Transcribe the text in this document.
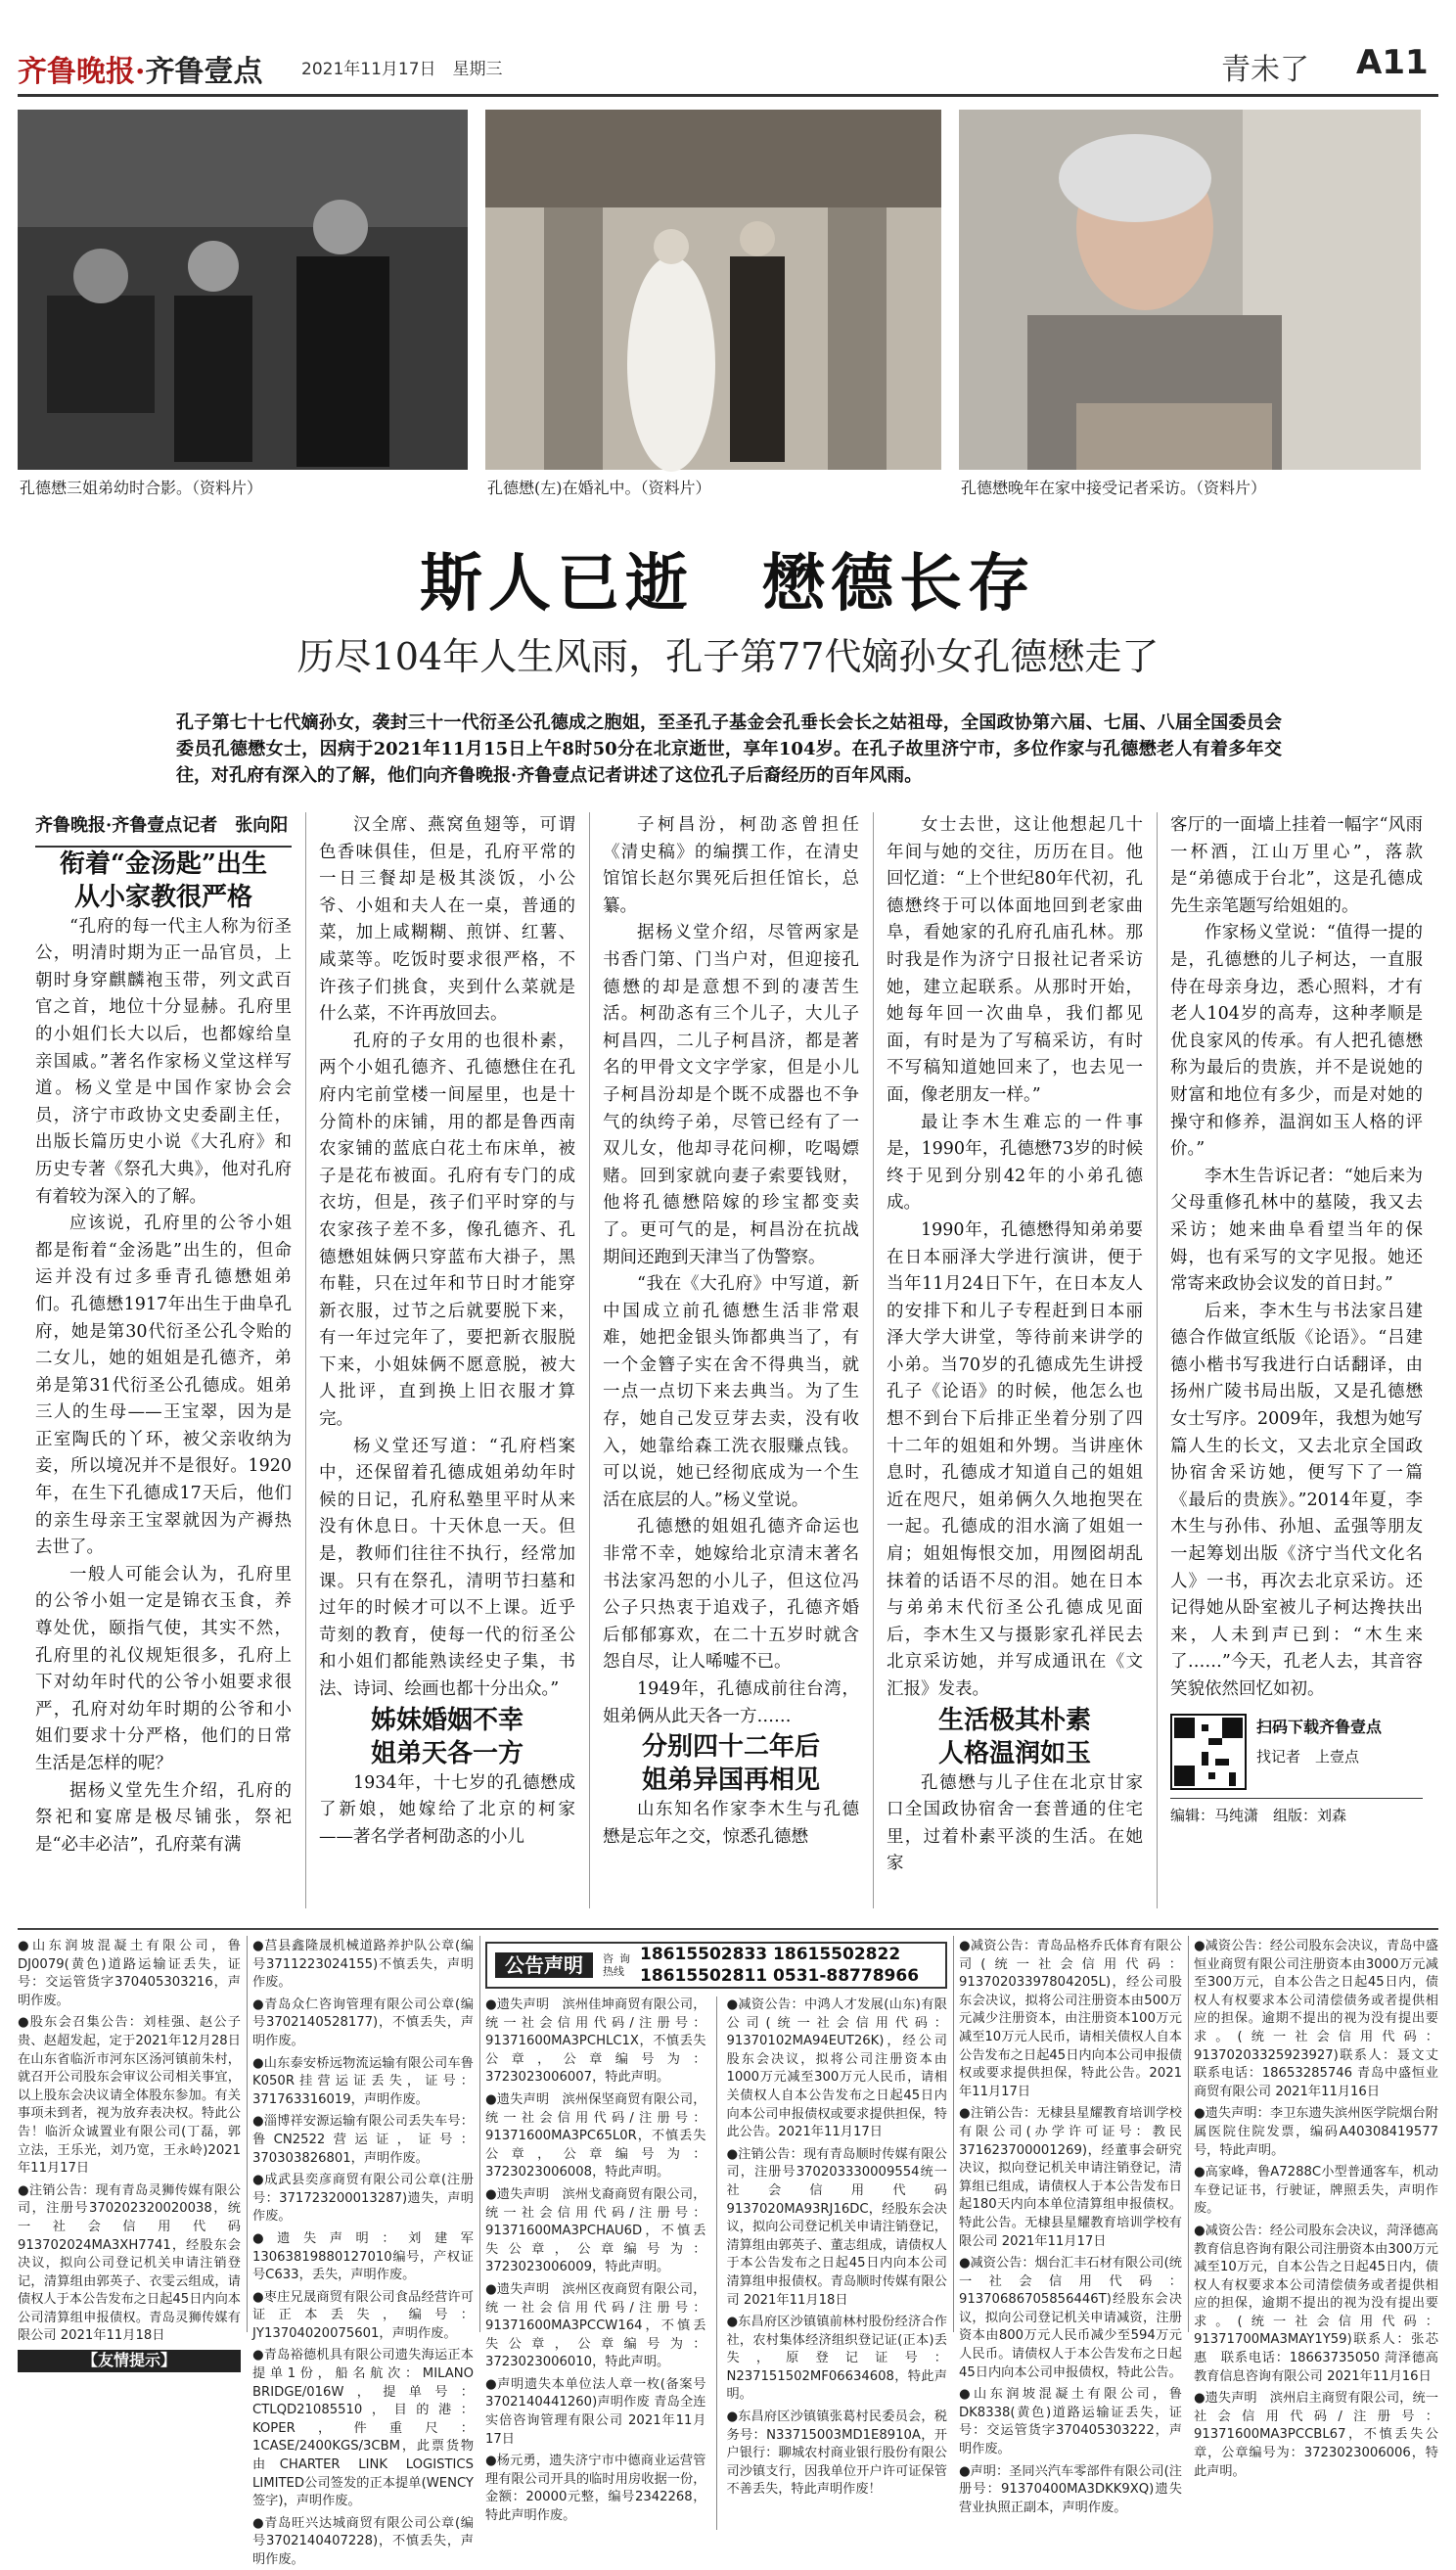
齐鲁晚报·齐鲁壹点 2021年11月17日　星期三	青未了 A11
孔德懋三姐弟幼时合影。（资料片）	孔德懋(左)在婚礼中。（资料片）	孔德懋晚年在家中接受记者采访。（资料片）
斯人已逝　懋德长存
历尽104年人生风雨，孔子第77代嫡孙女孔德懋走了
孔子第七十七代嫡孙女，袭封三十一代衍圣公孔德成之胞姐，至圣孔子基金会孔垂长会长之姑祖母，全国政协第六届、七届、八届全国委员会委员孔德懋女士，因病于2021年11月15日上午8时50分在北京逝世，享年104岁。在孔子故里济宁市，多位作家与孔德懋老人有着多年交往，对孔府有深入的了解，他们向齐鲁晚报·齐鲁壹点记者讲述了这位孔子后裔经历的百年风雨。

齐鲁晚报·齐鲁壹点记者　张向阳

衔着“金汤匙”出生
从小家教很严格

“孔府的每一代主人称为衍圣公，明清时期为正一品官员，上朝时身穿麒麟袍玉带，列文武百官之首，地位十分显赫。孔府里的小姐们长大以后，也都嫁给皇亲国戚。”著名作家杨义堂这样写道。杨义堂是中国作家协会会员，济宁市政协文史委副主任，出版长篇历史小说《大孔府》和历史专著《祭孔大典》，他对孔府有着较为深入的了解。

应该说，孔府里的公爷小姐都是衔着“金汤匙”出生的，但命运并没有过多垂青孔德懋姐弟们。孔德懋1917年出生于曲阜孔府，她是第30代衍圣公孔令贻的二女儿，她的姐姐是孔德齐，弟弟是第31代衍圣公孔德成。姐弟三人的生母——王宝翠，因为是正室陶氏的丫环，被父亲收纳为妾，所以境况并不是很好。1920年，在生下孔德成17天后，他们的亲生母亲王宝翠就因为产褥热去世了。

一般人可能会认为，孔府里的公爷小姐一定是锦衣玉食，养尊处优，颐指气使，其实不然，孔府里的礼仪规矩很多，孔府上下对幼年时代的公爷小姐要求很严，孔府对幼年时期的公爷和小姐们要求十分严格，他们的日常生活是怎样的呢？

据杨义堂先生介绍，孔府的祭祀和宴席是极尽铺张，祭祀是“必丰必洁”，孔府菜有满

汉全席、燕窝鱼翅等，可谓色香味俱佳，但是，孔府平常的一日三餐却是极其淡饭，小公爷、小姐和夫人在一桌，普通的菜，加上咸糊糊、煎饼、红薯、咸菜等。吃饭时要求很严格，不许孩子们挑食，夹到什么菜就是什么菜，不许再放回去。

孔府的子女用的也很朴素，两个小姐孔德齐、孔德懋住在孔府内宅前堂楼一间屋里，也是十分简朴的床铺，用的都是鲁西南农家铺的蓝底白花土布床单，被子是花布被面。孔府有专门的成衣坊，但是，孩子们平时穿的与农家孩子差不多，像孔德齐、孔德懋姐妹俩只穿蓝布大褂子，黑布鞋，只在过年和节日时才能穿新衣服，过节之后就要脱下来，有一年过完年了，要把新衣服脱下来，小姐妹俩不愿意脱，被大人批评，直到换上旧衣服才算完。

杨义堂还写道：“孔府档案中，还保留着孔德成姐弟幼年时候的日记，孔府私塾里平时从来没有休息日。十天休息一天。但是，教师们往往不执行，经常加课。只有在祭孔，清明节扫墓和过年的时候才可以不上课。近乎苛刻的教育，使每一代的衍圣公和小姐们都能熟读经史子集，书法、诗词、绘画也都十分出众。”

姊妹婚姻不幸
姐弟天各一方

1934年，十七岁的孔德懋成了新娘，她嫁给了北京的柯家——著名学者柯劭忞的小儿

子柯昌汾，柯劭忞曾担任《清史稿》的编撰工作，在清史馆馆长赵尔巽死后担任馆长，总纂。

据杨义堂介绍，尽管两家是书香门第、门当户对，但迎接孔德懋的却是意想不到的凄苦生活。柯劭忞有三个儿子，大儿子柯昌四，二儿子柯昌济，都是著名的甲骨文文字学家，但是小儿子柯昌汾却是个既不成器也不争气的纨绔子弟，尽管已经有了一双儿女，他却寻花问柳，吃喝嫖赌。回到家就向妻子索要钱财，他将孔德懋陪嫁的珍宝都变卖了。更可气的是，柯昌汾在抗战期间还跑到天津当了伪警察。

“我在《大孔府》中写道，新中国成立前孔德懋生活非常艰难，她把金银头饰都典当了，有一个金簪子实在舍不得典当，就一点一点切下来去典当。为了生存，她自己发豆芽去卖，没有收入，她靠给森工洗衣服赚点钱。可以说，她已经彻底成为一个生活在底层的人。”杨义堂说。

孔德懋的姐姐孔德齐命运也非常不幸，她嫁给北京清末著名书法家冯恕的小儿子，但这位冯公子只热衷于追戏子，孔德齐婚后郁郁寡欢，在二十五岁时就含怨自尽，让人唏嘘不已。

1949年，孔德成前往台湾，姐弟俩从此天各一方……

分别四十二年后
姐弟异国再相见

山东知名作家李木生与孔德懋是忘年之交，惊悉孔德懋

女士去世，这让他想起几十年间与她的交往，历历在目。他回忆道：“上个世纪80年代初，孔德懋终于可以体面地回到老家曲阜，看她家的孔府孔庙孔林。那时我是作为济宁日报社记者采访她，建立起联系。从那时开始，她每年回一次曲阜，我们都见面，有时是为了写稿采访，有时不写稿知道她回来了，也去见一面，像老朋友一样。”

最让李木生难忘的一件事是，1990年，孔德懋73岁的时候终于见到分别42年的小弟孔德成。

1990年，孔德懋得知弟弟要在日本丽泽大学进行演讲，便于当年11月24日下午，在日本友人的安排下和儿子专程赶到日本丽泽大学大讲堂，等待前来讲学的小弟。当70岁的孔德成先生讲授孔子《论语》的时候，他怎么也想不到台下后排正坐着分别了四十二年的姐姐和外甥。当讲座休息时，孔德成才知道自己的姐姐近在咫尺，姐弟俩久久地抱哭在一起。孔德成的泪水滴了姐姐一肩；姐姐悔恨交加，用囫囵胡乱抹着的话语不尽的泪。她在日本与弟弟末代衍圣公孔德成见面后，李木生又与摄影家孔祥民去北京采访她，并写成通讯在《文汇报》发表。

生活极其朴素
人格温润如玉

孔德懋与儿子住在北京甘家口全国政协宿舍一套普通的住宅里，过着朴素平淡的生活。在她家

客厅的一面墙上挂着一幅字“风雨一杯酒，江山万里心”，落款是“弟德成于台北”，这是孔德成先生亲笔题写给姐姐的。

作家杨义堂说：“值得一提的是，孔德懋的儿子柯达，一直服侍在母亲身边，悉心照料，才有老人104岁的高寿，这种孝顺是优良家风的传承。有人把孔德懋称为最后的贵族，并不是说她的财富和地位有多少，而是对她的操守和修养，温润如玉人格的评价。”

李木生告诉记者：“她后来为父母重修孔林中的墓陵，我又去采访；她来曲阜看望当年的保姆，也有采写的文字见报。她还常寄来政协会议发的首日封。”

后来，李木生与书法家吕建德合作做宣纸版《论语》。“吕建德小楷书写我进行白话翻译，由扬州广陵书局出版，又是孔德懋女士写序。2009年，我想为她写篇人生的长文，又去北京全国政协宿舍采访她，便写下了一篇《最后的贵族》。”2014年夏，李木生与孙伟、孙旭、孟强等朋友一起筹划出版《济宁当代文化名人》一书，再次去北京采访。还记得她从卧室被儿子柯达搀扶出来，人未到声已到：“木生来了……”今天，孔老人去，其音容笑貌依然回忆如初。

扫码下载齐鲁壹点
找记者　上壹点
编辑：马纯潇　组版：刘森

●山东润坡混凝土有限公司，鲁DJ0079(黄色)道路运输证丢失，证号：交运管货字370405303216，声明作废。

●股东会召集公告：刘桂强、赵公子贵、赵超发起，定于2021年12月28日在山东省临沂市河东区汤河镇前朱村，就召开公司股东会审议公司相关事宜，以上股东会决议请全体股东参加。有关事项未到者，视为放弃表决权。特此公告！临沂众诚置业有限公司(丁磊，郭立法，王乐光，刘乃宽，王永岭)2021年11月17日

●注销公告：现有青岛灵狮传媒有限公司，注册号370202320020038，统一社会信用代码913702024MA3XH7741，经股东会决议，拟向公司登记机关申请注销登记，清算组由郭英子、衣雯云组成，请债权人于本公告发布之日起45日内向本公司清算组申报债权。青岛灵狮传媒有限公司 2021年11月18日

【友情提示】

●莒县鑫隆晟机械道路养护队公章(编号3711223024155)不慎丢失，声明作废。

●青岛众仁咨询管理有限公司公章(编号3702140528177)，不慎丢失，声明作废。

●山东泰安桥远物流运输有限公司车鲁K050R挂营运证丢失，证号：371763316019，声明作废。

●淄博祥安源运输有限公司丢失车号：鲁CN2522营运证，证号：370303826801，声明作废。

●成武县奕彦商贸有限公司公章(注册号：371723200013287)遗失，声明作废。

●遗失声明：刘建军13063819880127010编号，产权证号C633，丢失，声明作废。

●枣庄兄晟商贸有限公司食品经营许可证正本丢失，编号：JY13704020075601，声明作废。

●青岛裕德机具有限公司遗失海运正本提单1份，船名航次：MILANO BRIDGE/016W，提单号：CTLQD21085510，目的港：KOPER，件重尺：1CASE/2400KGS/3CBM，此票货物由CHARTER LINK LOGISTICS LIMITED公司签发的正本提单(WENCY签字)，声明作废。

●青岛旺兴达城商贸有限公司公章(编号3702140407228)，不慎丢失，声明作废。

公告声明	咨询热线
18615502833 18615502822
18615502811 0531-88778966

●遗失声明　滨州佳坤商贸有限公司，统一社会信用代码/注册号：91371600MA3PCHLC1X，不慎丢失公章，公章编号为：3723023006007，特此声明。

●遗失声明　滨州保坚商贸有限公司，统一社会信用代码/注册号：91371600MA3PC65L0R，不慎丢失公章，公章编号为：3723023006008，特此声明。

●遗失声明　滨州戈裔商贸有限公司，统一社会信用代码/注册号：91371600MA3PCHAU6D，不慎丢失公章，公章编号为：3723023006009，特此声明。

●遗失声明　滨州区夜商贸有限公司，统一社会信用代码/注册号：91371600MA3PCCW164，不慎丢失公章，公章编号为：3723023006010，特此声明。

●声明遗失本单位法人章一枚(备案号3702140441260)声明作废 青岛全连实倍咨询管理有限公司 2021年11月17日

●杨元勇，遗失济宁市中德商业运营管理有限公司开具的临时用房收据一份，金额：20000元整，编号2342268，特此声明作废。

●减资公告：中鸿人才发展(山东)有限公司(统一社会信用代码：91370102MA94EUT26K)，经公司股东会决议，拟将公司注册资本由1000万元减至300万元人民币，请相关债权人自本公告发布之日起45日内向本公司申报债权或要求提供担保，特此公告。2021年11月17日

●注销公告：现有青岛顺时传媒有限公司，注册号370203330009554统一社会信用代码9137020MA93RJ16DC，经股东会决议，拟向公司登记机关申请注销登记，清算组由郭英子、董志组成，请债权人于本公告发布之日起45日内向本公司清算组申报债权。青岛顺时传媒有限公司 2021年11月18日

●东昌府区沙镇镇前林村股份经济合作社，农村集体经济组织登记证(正本)丢失，原登记证号：N237151502MF06634608，特此声明。

●东昌府区沙镇镇张葛村民委员会，税务号：N33715003MD1E8910A，开户银行：聊城农村商业银行股份有限公司沙镇支行，因我单位开户许可证保管不善丢失，特此声明作废！

●减资公告：青岛品格乔氏体育有限公司(统一社会信用代码：91370203397804205L)，经公司股东会决议，拟将公司注册资本由500万元减少注册资本，由注册资本100万元减至10万元人民币，请相关债权人自本公告发布之日起45日内向本公司申报债权或要求提供担保，特此公告。2021年11月17日

●注销公告：无棣县星耀教育培训学校有限公司(办学许可证号：教民371623700001269)，经董事会研究决议，拟向登记机关申请注销登记，清算组已组成，请债权人于本公告发布日起180天内向本单位清算组申报债权。特此公告。无棣县星耀教育培训学校有限公司 2021年11月17日

●减资公告：烟台汇丰石材有限公司(统一社会信用代码：91370686705856446T)经股东会决议，拟向公司登记机关申请减资，注册资本由800万元人民币减少至594万元人民币。请债权人于本公告发布之日起45日内向本公司申报债权，特此公告。

●山东润坡混凝土有限公司，鲁DK8338(黄色)道路运输证丢失，证号：交运管货字370405303222，声明作废。

●声明：圣同兴汽车零部件有限公司(注册号：91370400MA3DKK9XQ)遗失营业执照正副本，声明作废。

●减资公告：经公司股东会决议，青岛中盛恒业商贸有限公司注册资本由3000万元减至300万元，自本公告之日起45日内，债权人有权要求本公司清偿债务或者提供相应的担保。逾期不提出的视为没有提出要求。(统一社会信用代码：91370203325923927)联系人：聂文丈　联系电话：18653285746 青岛中盛恒业商贸有限公司 2021年11月16日

●遗失声明：李卫东遗失滨州医学院烟台附属医院住院发票，编码A40308419577号，特此声明。

●高家峰，鲁A7288C小型普通客车，机动车登记证书，行驶证，牌照丢失，声明作废。

●减资公告：经公司股东会决议，菏泽德高教育信息咨询有限公司注册资本由300万元减至10万元，自本公告之日起45日内，债权人有权要求本公司清偿债务或者提供相应的担保，逾期不提出的视为没有提出要求。(统一社会信用代码：91371700MA3MAY1Y59)联系人：张芯惠　联系电话：18663735050 菏泽德高教育信息咨询有限公司 2021年11月16日

●遗失声明　滨州启主商贸有限公司，统一社会信用代码/注册号：91371600MA3PCCBL67，不慎丢失公章，公章编号为：3723023006006，特此声明。
